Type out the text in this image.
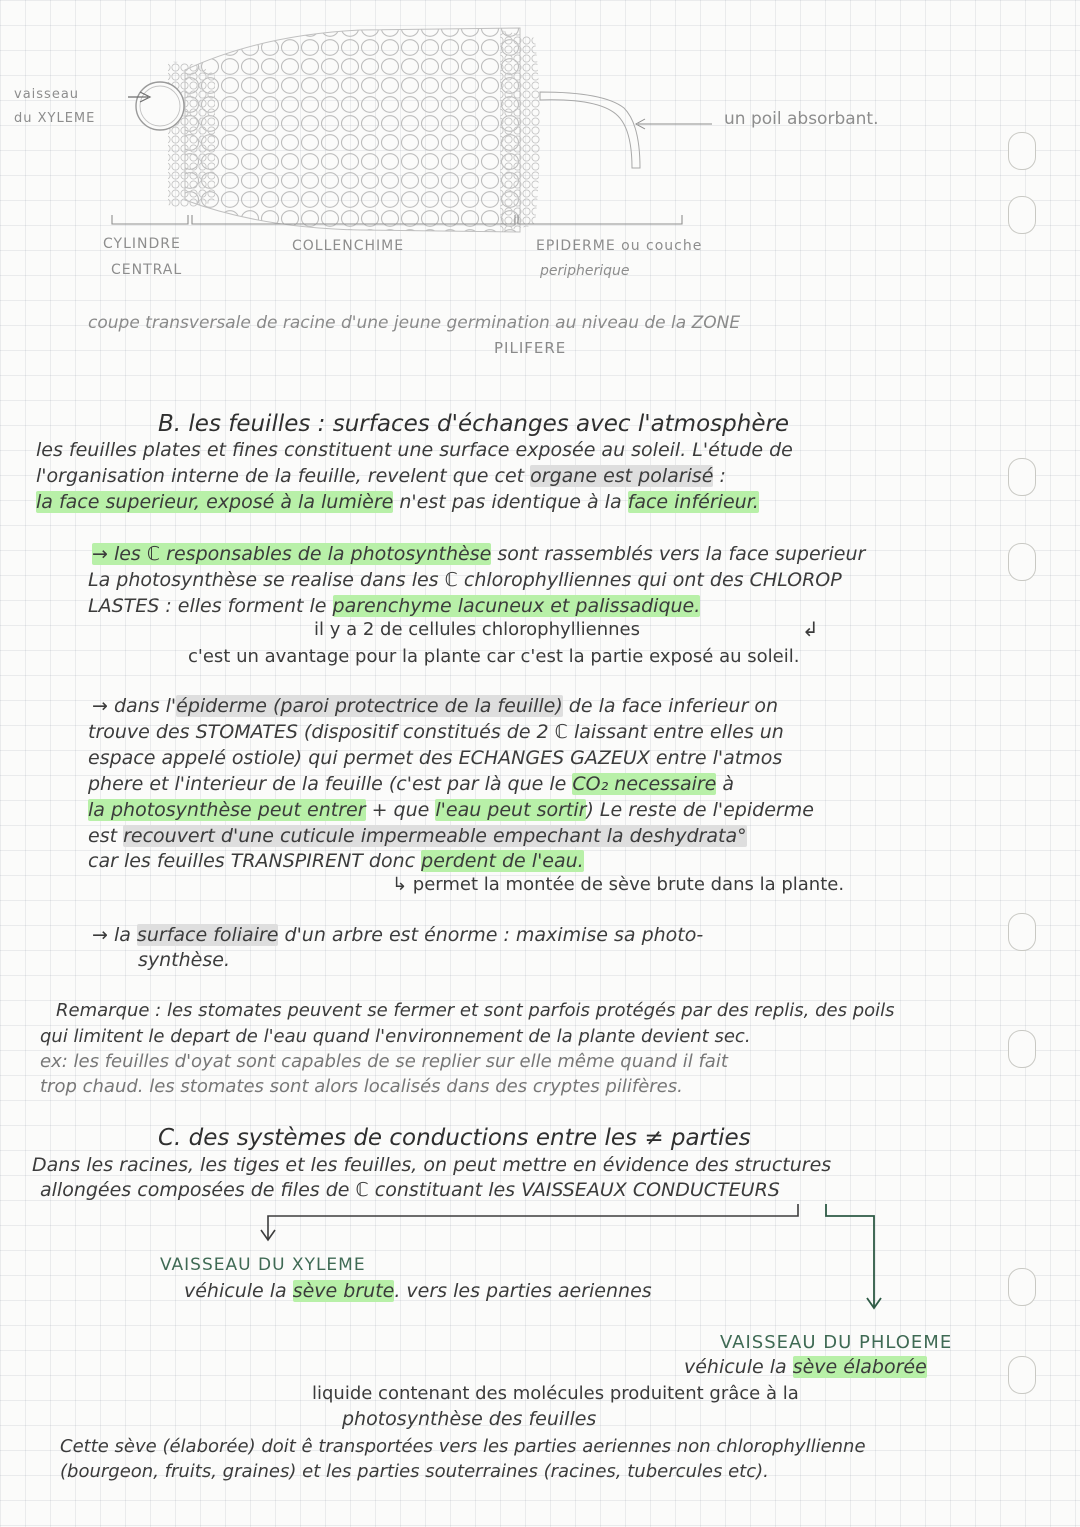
vaisseau
du XYLEME	un poil absorbant.
CYLINDRE
CENTRAL
COLLENCHIME	EPIDERME ou couche
peripherique
coupe transversale de racine d'une jeune germination au niveau de la ZONE
PILIFERE
B. les feuilles : surfaces d'échanges avec l'atmosphère
les feuilles plates et fines constituent une surface exposée au soleil. L'étude de
l'organisation interne de la feuille, revelent que cet organe est polarisé :
la face superieur, exposé à la lumière n'est pas identique à la face inférieur.
→ les ℂ responsables de la photosynthèse sont rassemblés vers la face superieur
La photosynthèse se realise dans les ℂ chlorophylliennes qui ont des CHLOROP
LASTES : elles forment le parenchyme lacuneux et palissadique.
il y a 2 de cellules chlorophylliennes	↲
c'est un avantage pour la plante car c'est la partie exposé au soleil.
→ dans l'épiderme (paroi protectrice de la feuille) de la face inferieur on
trouve des STOMATES (dispositif constitués de 2 ℂ laissant entre elles un
espace appelé ostiole) qui permet des ECHANGES GAZEUX entre l'atmos
phere et l'interieur de la feuille (c'est par là que le CO₂ necessaire à
la photosynthèse peut entrer + que l'eau peut sortir) Le reste de l'epiderme
est recouvert d'une cuticule impermeable empechant la deshydrata°
car les feuilles TRANSPIRENT donc perdent de l'eau.
↳ permet la montée de sève brute dans la plante.
→ la surface foliaire d'un arbre est énorme : maximise sa photo-
synthèse.
Remarque : les stomates peuvent se fermer et sont parfois protégés par des replis, des poils
qui limitent le depart de l'eau quand l'environnement de la plante devient sec.
ex: les feuilles d'oyat sont capables de se replier sur elle même quand il fait
trop chaud. les stomates sont alors localisés dans des cryptes pilifères.
C. des systèmes de conductions entre les ≠ parties
Dans les racines, les tiges et les feuilles, on peut mettre en évidence des structures
allongées composées de files de ℂ constituant les VAISSEAUX CONDUCTEURS
VAISSEAU DU XYLEME
véhicule la sève brute. vers les parties aeriennes
VAISSEAU DU PHLOEME
véhicule la sève élaborée
liquide contenant des molécules produitent grâce à la
photosynthèse des feuilles
Cette sève (élaborée) doit ê transportées vers les parties aeriennes non chlorophyllienne
(bourgeon, fruits, graines) et les parties souterraines (racines, tubercules etc).
